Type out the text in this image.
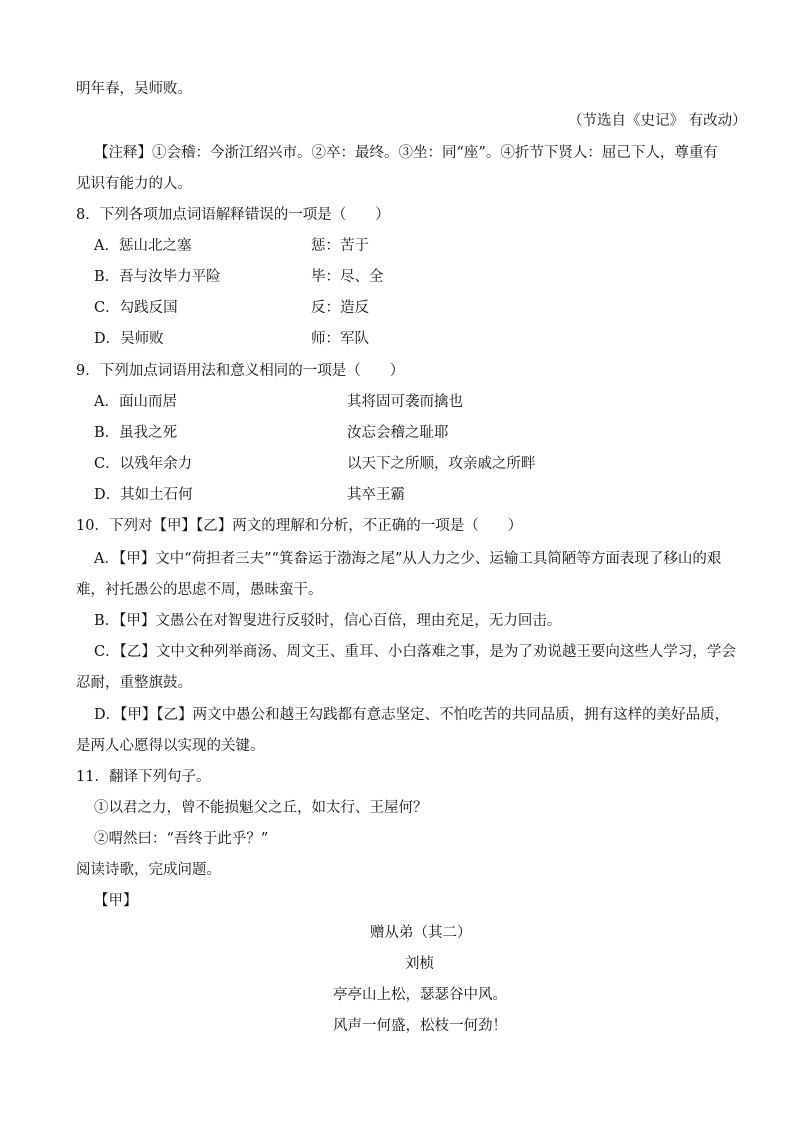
明年春，吴师败。
（节选自《史记》 有改动）
【注释】①会稽：今浙江绍兴市。②卒：最终。③坐：同“座”。④折节下贤人：屈己下人，尊重有
见识有能力的人。
8．下列各项加点词语解释错误的一项是（　　）
A．惩山北之塞	惩：苦于
B．吾与汝毕力平险	毕：尽、全
C．勾践反国	反：造反
D．吴师败	师：军队
9．下列加点词语用法和意义相同的一项是（　　）
A．面山而居	其将固可袭而擒也
B．虽我之死	汝忘会稽之耻耶
C．以残年余力	以天下之所顺，攻亲戚之所畔
D．其如土石何	其卒王霸
10．下列对【甲】【乙】两文的理解和分析，不正确的一项是（　　）
A．【甲】文中“荷担者三夫”“箕畚运于渤海之尾”从人力之少、运输工具简陋等方面表现了移山的艰
难，衬托愚公的思虑不周，愚昧蛮干。
B．【甲】文愚公在对智叟进行反驳时，信心百倍，理由充足，无力回击。
C．【乙】文中文种列举商汤、周文王、重耳、小白落难之事，是为了劝说越王要向这些人学习，学会
忍耐，重整旗鼓。
D．【甲】【乙】两文中愚公和越王勾践都有意志坚定、不怕吃苦的共同品质，拥有这样的美好品质，
是两人心愿得以实现的关键。
11．翻译下列句子。
①以君之力，曾不能损魁父之丘，如太行、王屋何？
②喟然曰：“吾终于此乎？”
阅读诗歌，完成问题。
【甲】
赠从弟（其二）
刘桢
亭亭山上松，瑟瑟谷中风。
风声一何盛，松枝一何劲！
